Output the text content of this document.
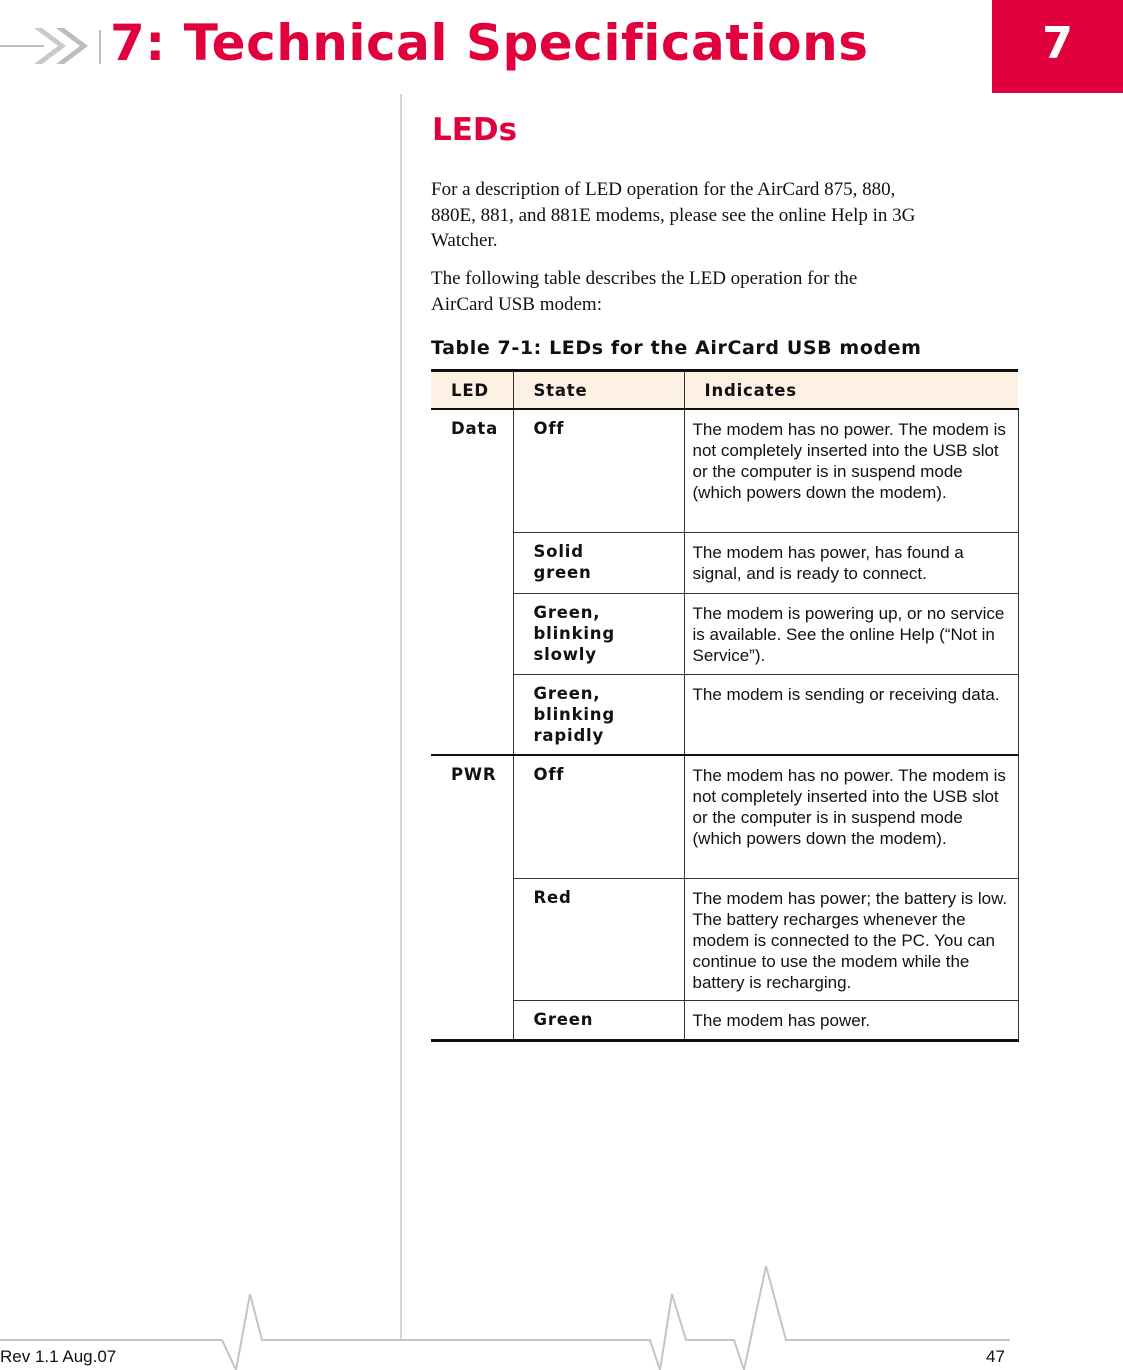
7: Technical Specifications	7
LEDs

For a description of LED operation for the AirCard 875, 880,
880E, 881, and 881E modems, please see the online Help in 3G
Watcher.

The following table describes the LED operation for the
AirCard USB modem:

Table 7-1: LEDs for the AirCard USB modem
LED	State	Indicates
Data	Off	The modem has no power. The modem is not completely inserted into the USB slot or the computer is in suspend mode (which powers down the modem).
	Solid green	The modem has power, has found a signal, and is ready to connect.
	Green, blinking slowly	The modem is powering up, or no service is available. See the online Help (“Not in Service”).
	Green, blinking rapidly	The modem is sending or receiving data.
PWR	Off	The modem has no power. The modem is not completely inserted into the USB slot or the computer is in suspend mode (which powers down the modem).
	Red	The modem has power; the battery is low. The battery recharges whenever the modem is connected to the PC. You can continue to use the modem while the battery is recharging.
	Green	The modem has power.
Rev 1.1 Aug.07	47
